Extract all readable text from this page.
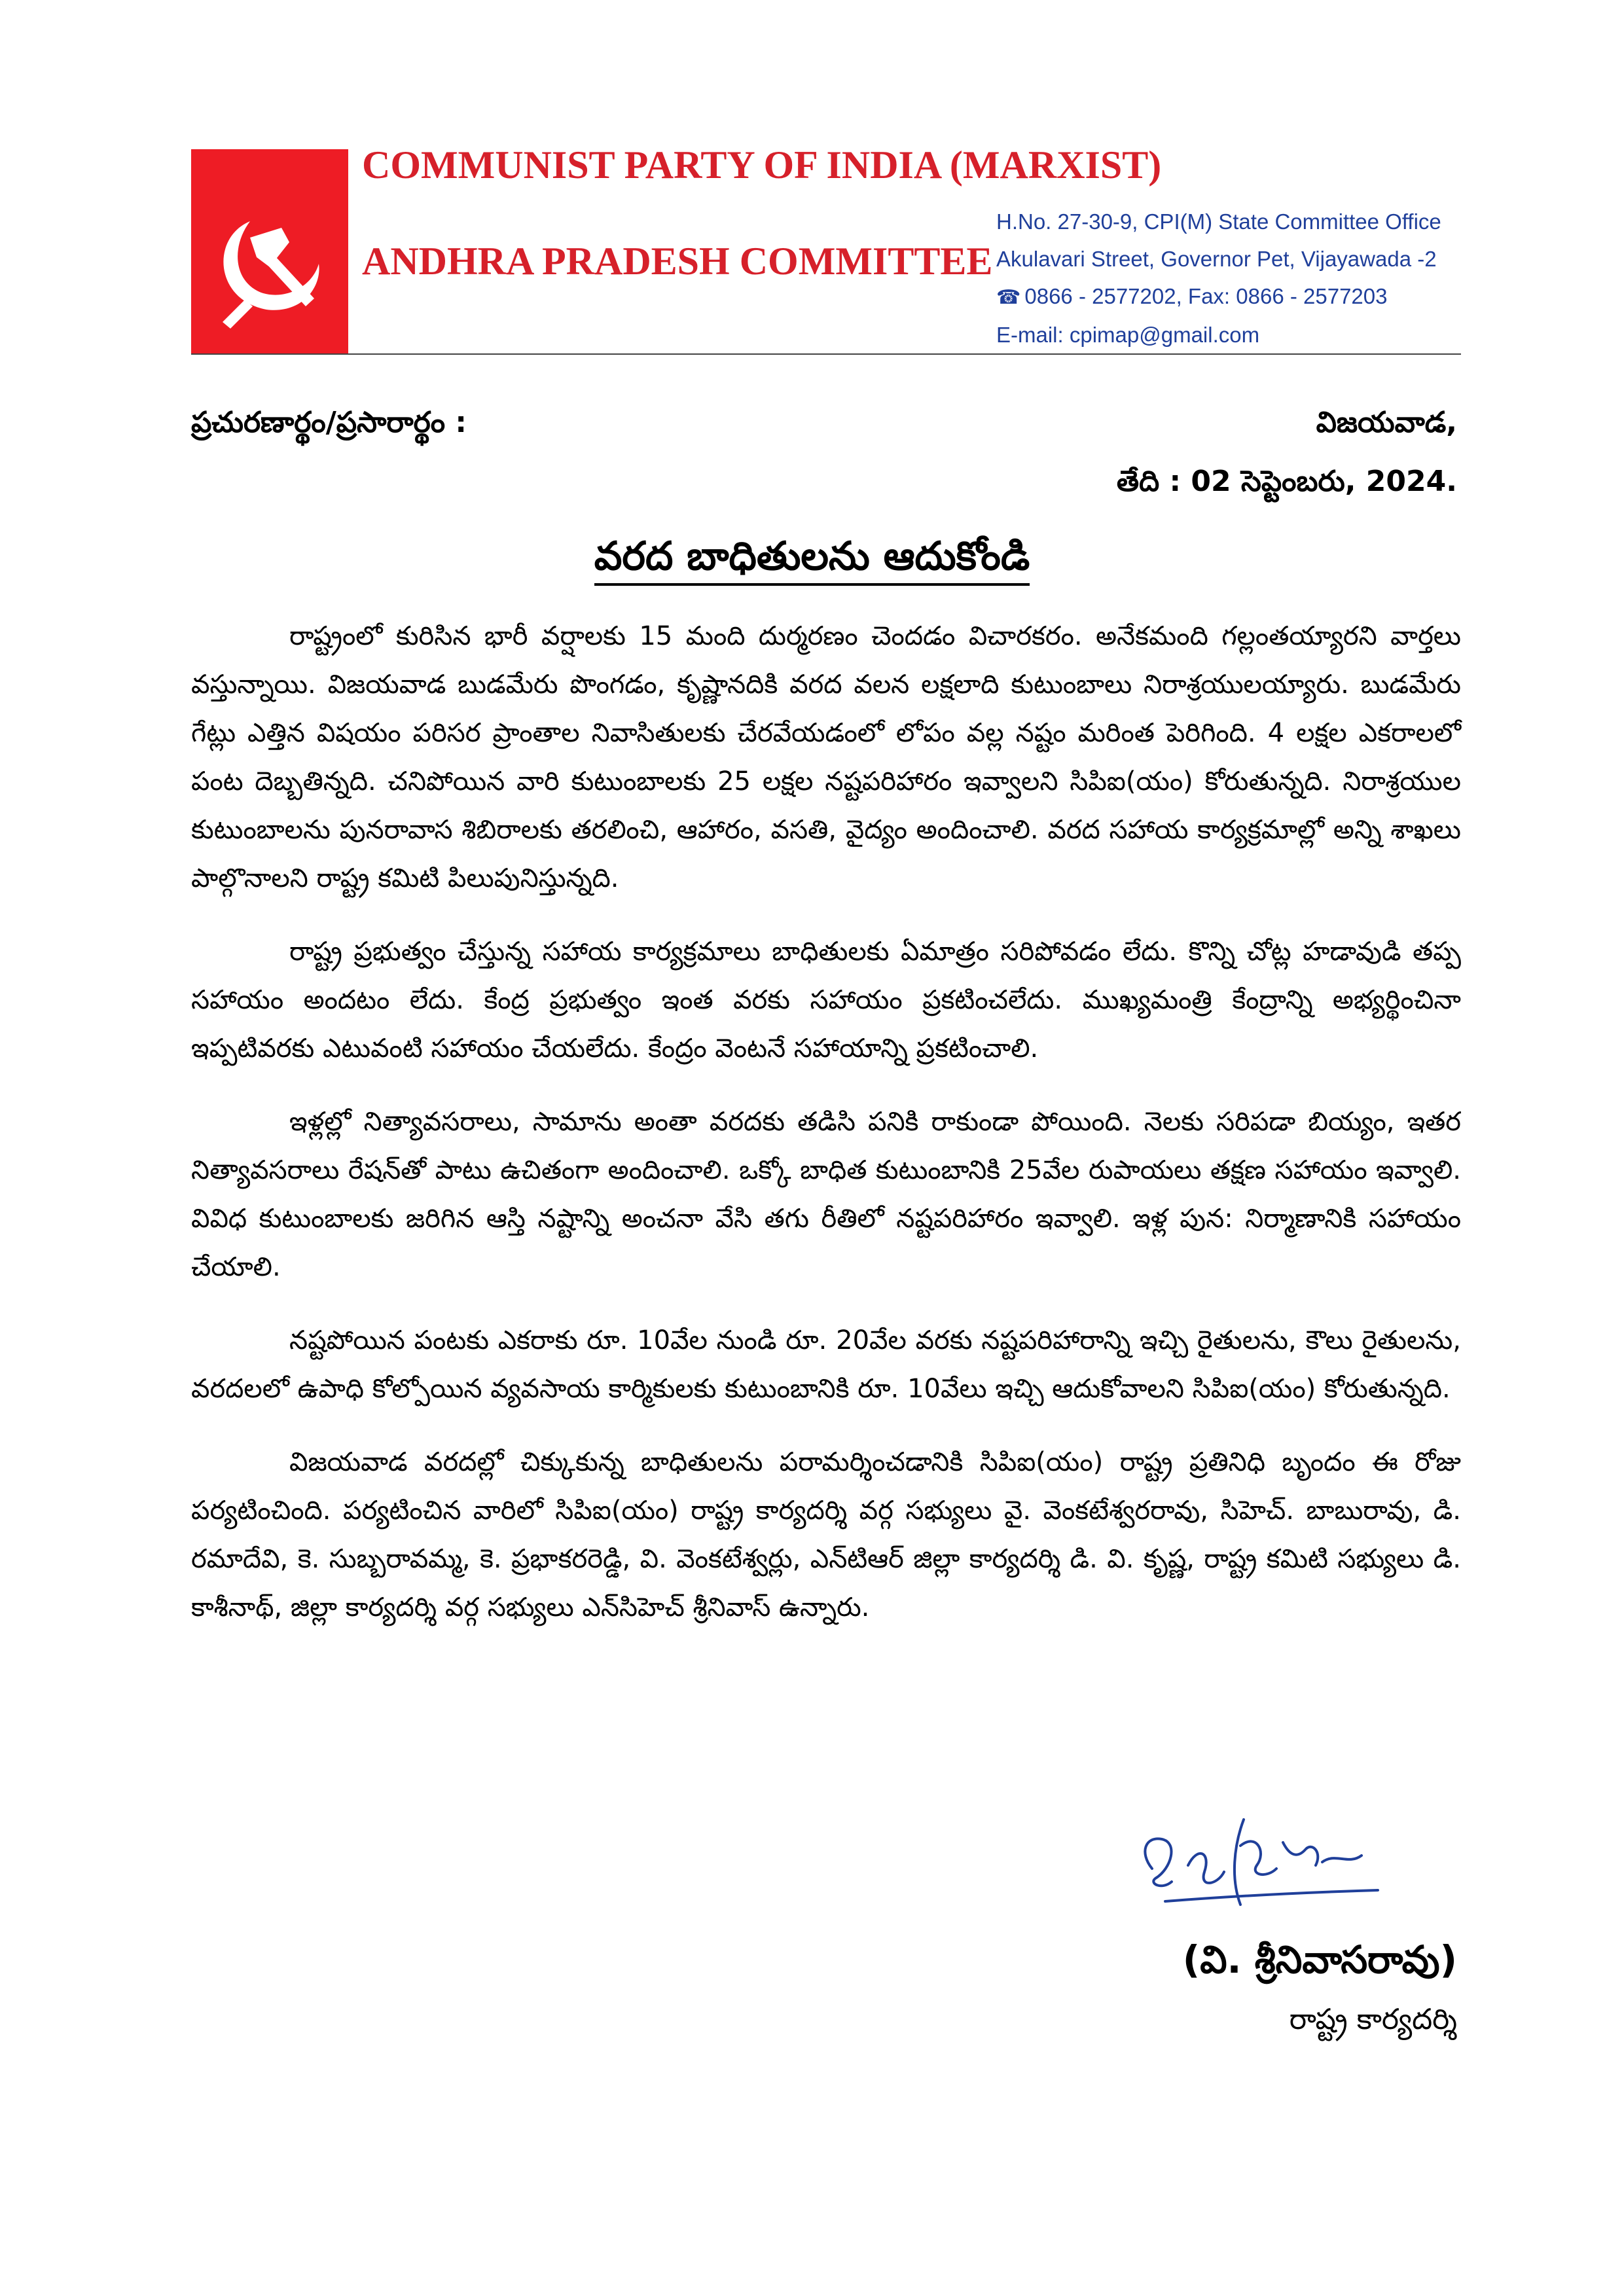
COMMUNIST PARTY OF INDIA (MARXIST)
ANDHRA PRADESH COMMITTEE
H.No. 27-30-9, CPI(M) State Committee Office
Akulavari Street, Governor Pet, Vijayawada -2
☎ 0866 - 2577202, Fax: 0866 - 2577203
E-mail: cpimap@gmail.com
ప్రచురణార్థం/ప్రసారార్థం :	విజయవాడ,
తేది : 02 సెప్టెంబరు, 2024.
వరద బాధితులను ఆదుకోండి

రాష్ట్రంలో కురిసిన భారీ వర్షాలకు 15 మంది దుర్మరణం చెందడం విచారకరం. అనేకమంది గల్లంతయ్యారని వార్తలు వస్తున్నాయి. విజయవాడ బుడమేరు పొంగడం, కృష్ణానదికి వరద వలన లక్షలాది కుటుంబాలు నిరాశ్రయులయ్యారు. బుడమేరు గేట్లు ఎత్తిన విషయం పరిసర ప్రాంతాల నివాసితులకు చేరవేయడంలో లోపం వల్ల నష్టం మరింత పెరిగింది. 4 లక్షల ఎకరాలలో పంట దెబ్బతిన్నది. చనిపోయిన వారి కుటుంబాలకు 25 లక్షల నష్టపరిహారం ఇవ్వాలని సిపిఐ(యం) కోరుతున్నది. నిరాశ్రయుల కుటుంబాలను పునరావాస శిబిరాలకు తరలించి, ఆహారం, వసతి, వైద్యం అందించాలి. వరద సహాయ కార్యక్రమాల్లో అన్ని శాఖలు పాల్గొనాలని రాష్ట్ర కమిటి పిలుపునిస్తున్నది.

రాష్ట్ర ప్రభుత్వం చేస్తున్న సహాయ కార్యక్రమాలు బాధితులకు ఏమాత్రం సరిపోవడం లేదు. కొన్ని చోట్ల హడావుడి తప్ప సహాయం అందటం లేదు. కేంద్ర ప్రభుత్వం ఇంత వరకు సహాయం ప్రకటించలేదు. ముఖ్యమంత్రి కేంద్రాన్ని అభ్యర్థించినా ఇప్పటివరకు ఎటువంటి సహాయం చేయలేదు. కేంద్రం వెంటనే సహాయాన్ని ప్రకటించాలి.

ఇళ్లల్లో నిత్యావసరాలు, సామాను అంతా వరదకు తడిసి పనికి రాకుండా పోయింది. నెలకు సరిపడా బియ్యం, ఇతర నిత్యావసరాలు రేషన్‌తో పాటు ఉచితంగా అందించాలి. ఒక్కో బాధిత కుటుంబానికి 25వేల రుపాయలు తక్షణ సహాయం ఇవ్వాలి. వివిధ కుటుంబాలకు జరిగిన ఆస్తి నష్టాన్ని అంచనా వేసి తగు రీతిలో నష్టపరిహారం ఇవ్వాలి. ఇళ్ల పున: నిర్మాణానికి సహాయం చేయాలి.

నష్టపోయిన పంటకు ఎకరాకు రూ. 10వేల నుండి రూ. 20వేల వరకు నష్టపరిహారాన్ని ఇచ్చి రైతులను, కౌలు రైతులను, వరదలలో ఉపాధి కోల్పోయిన వ్యవసాయ కార్మికులకు కుటుంబానికి రూ. 10వేలు ఇచ్చి ఆదుకోవాలని సిపిఐ(యం) కోరుతున్నది.

విజయవాడ వరదల్లో చిక్కుకున్న బాధితులను పరామర్శించడానికి సిపిఐ(యం) రాష్ట్ర ప్రతినిధి బృందం ఈ రోజు పర్యటించింది. పర్యటించిన వారిలో సిపిఐ(యం) రాష్ట్ర కార్యదర్శి వర్గ సభ్యులు వై. వెంకటేశ్వరరావు, సిహెచ్. బాబురావు, డి. రమాదేవి, కె. సుబ్బరావమ్మ, కె. ప్రభాకరరెడ్డి, వి. వెంకటేశ్వర్లు, ఎన్‌టిఆర్ జిల్లా కార్యదర్శి డి. వి. కృష్ణ, రాష్ట్ర కమిటి సభ్యులు డి. కాశీనాథ్, జిల్లా కార్యదర్శి వర్గ సభ్యులు ఎన్‌సిహెచ్ శ్రీనివాస్ ఉన్నారు.

(వి. శ్రీనివాసరావు)
రాష్ట్ర కార్యదర్శి
